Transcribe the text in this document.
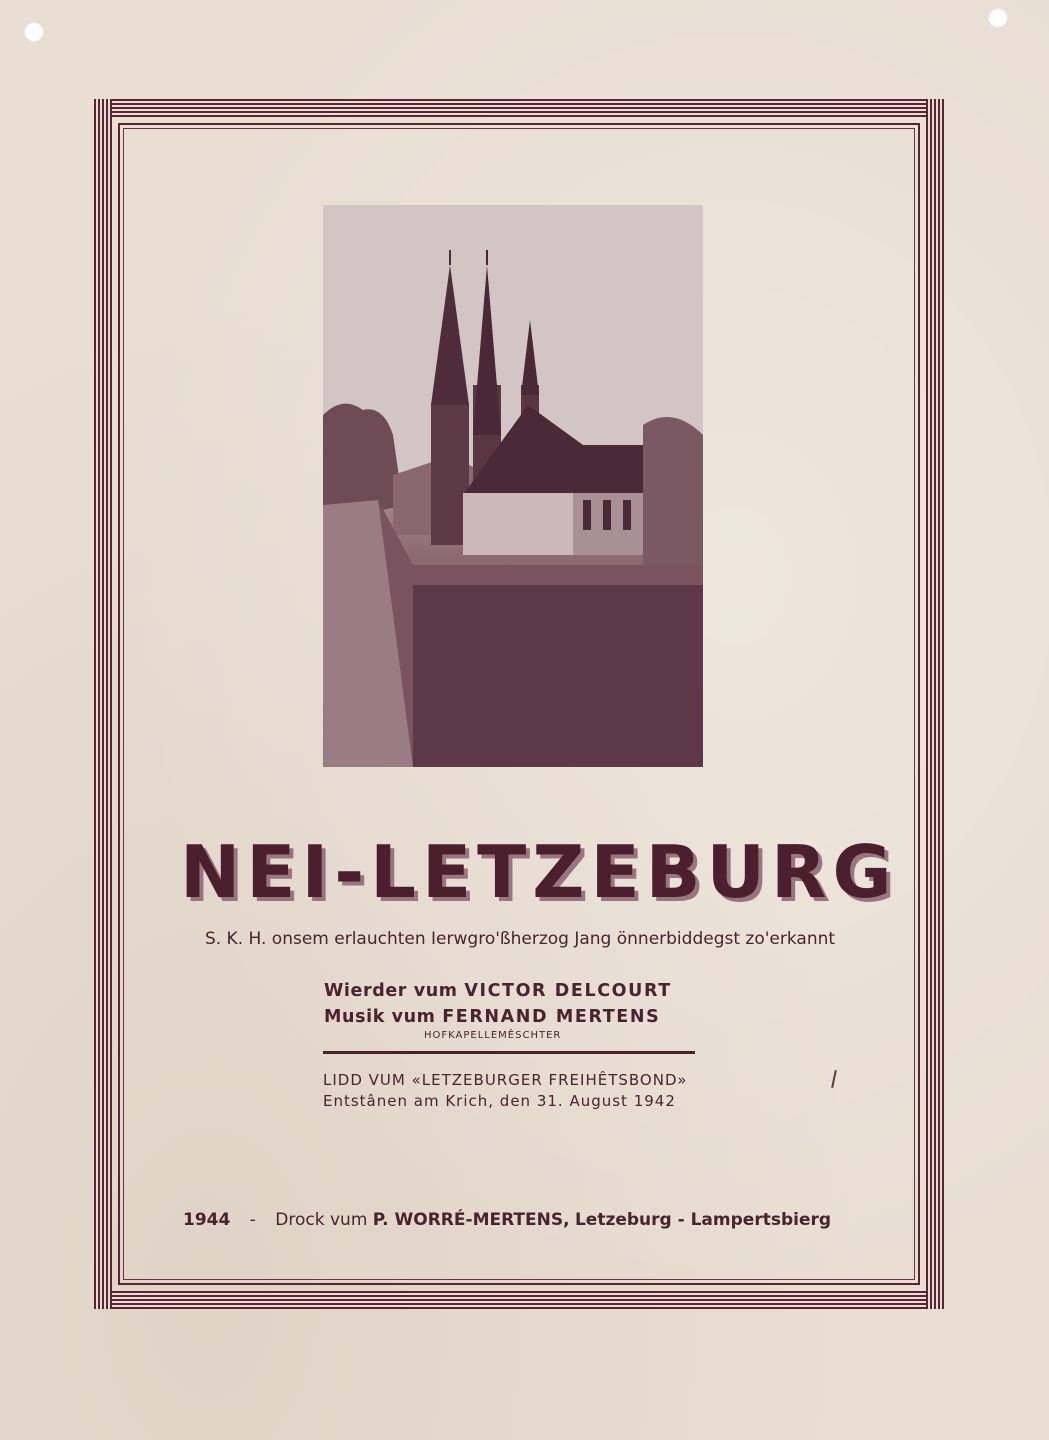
NEI-LETZEBURG
S. K. H. onsem erlauchten Ierwgro'ßherzog Jang önnerbiddegst zo'erkannt
Wierder vum VICTOR DELCOURT
Musik vum FERNAND MERTENS
HOFKAPELLEMÊSCHTER
LIDD VUM «LETZEBURGER FREIHÊTSBOND»
Entstânen am Krich, den 31. August 1942
1944 - Drock vum P. WORRÉ-MERTENS, Letzeburg - Lampertsbierg
